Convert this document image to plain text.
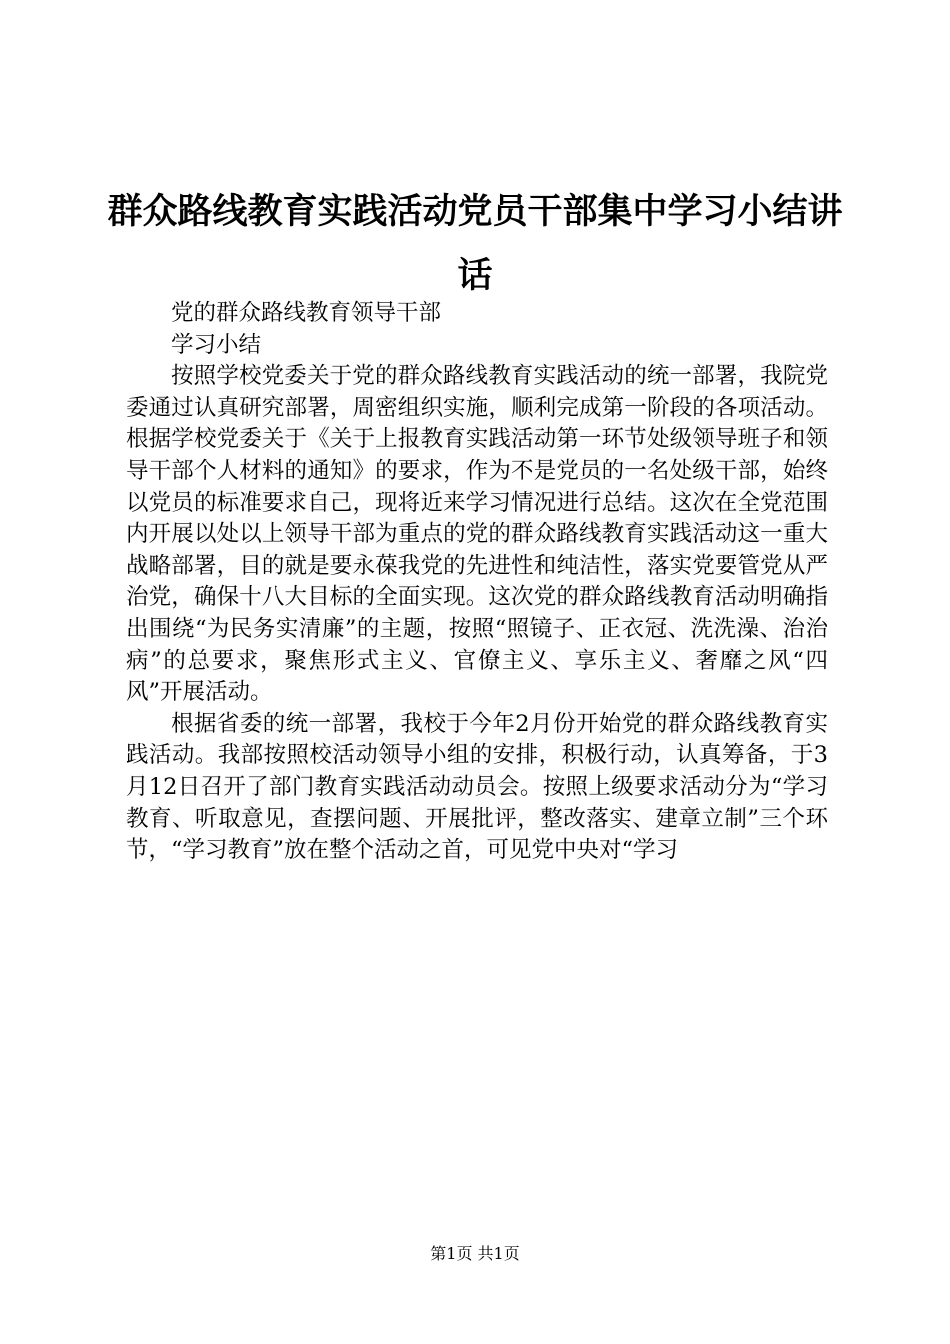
群众路线教育实践活动党员干部集中学习小结讲话

党的群众路线教育领导干部

学习小结

按照学校党委关于党的群众路线教育实践活动的统一部署，我院党委通过认真研究部署，周密组织实施，顺利完成第一阶段的各项活动。根据学校党委关于《关于上报教育实践活动第一环节处级领导班子和领导干部个人材料的通知》的要求，作为不是党员的一名处级干部，始终以党员的标准要求自己，现将近来学习情况进行总结。这次在全党范围内开展以处以上领导干部为重点的党的群众路线教育实践活动这一重大战略部署，目的就是要永葆我党的先进性和纯洁性，落实党要管党从严治党，确保十八大目标的全面实现。这次党的群众路线教育活动明确指出围绕“为民务实清廉”的主题，按照“照镜子、正衣冠、洗洗澡、治治病”的总要求，聚焦形式主义、官僚主义、享乐主义、奢靡之风“四风”开展活动。

根据省委的统一部署，我校于今年2月份开始党的群众路线教育实践活动。我部按照校活动领导小组的安排，积极行动，认真筹备，于3月12日召开了部门教育实践活动动员会。按照上级要求活动分为“学习教育、听取意见，查摆问题、开展批评，整改落实、建章立制”三个环节，“学习教育”放在整个活动之首，可见党中央对“学习

第1页 共1页
